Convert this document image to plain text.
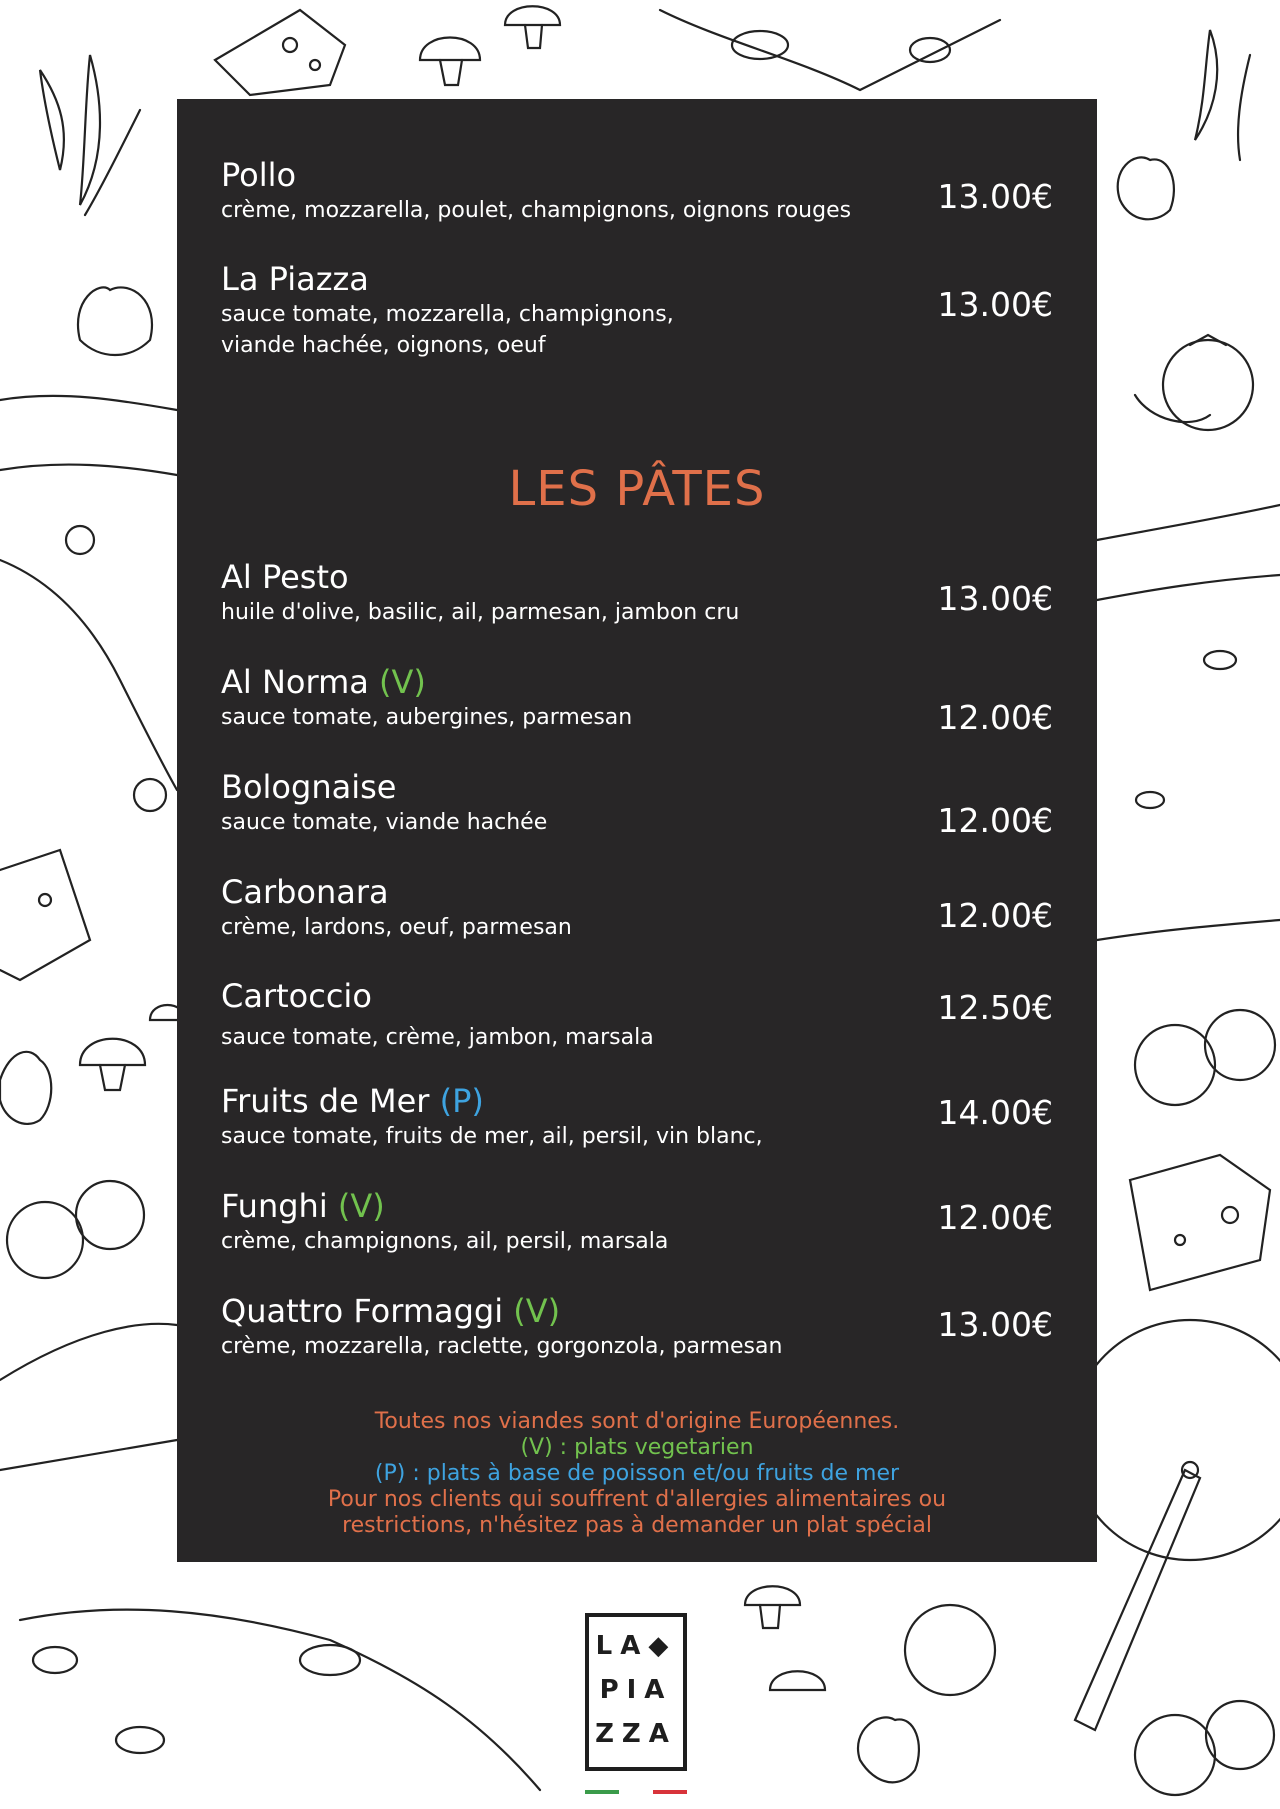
Pollo
crème, mozzarella, poulet, champignons, oignons rouges	13.00€
La Piazza
sauce tomate, mozzarella, champignons,
viande hachée, oignons, oeuf
13.00€
LES PÂTES
Al Pesto
huile d'olive, basilic, ail, parmesan, jambon cru	13.00€
Al Norma (V)
sauce tomate, aubergines, parmesan	12.00€
Bolognaise
sauce tomate, viande hachée	12.00€
Carbonara
crème, lardons, oeuf, parmesan	12.00€
Cartoccio
sauce tomate, crème, jambon, marsala
12.50€
Fruits de Mer (P)
sauce tomate, fruits de mer, ail, persil, vin blanc,
14.00€
Funghi (V)
crème, champignons, ail, persil, marsala
12.00€
Quattro Formaggi (V)
crème, mozzarella, raclette, gorgonzola, parmesan
13.00€
Toutes nos viandes sont d'origine Européennes.
(V) : plats vegetarien
(P) : plats à base de poisson et/ou fruits de mer
Pour nos clients qui souffrent d'allergies alimentaires ou
restrictions, n'hésitez pas à demander un plat spécial
LA◆
PIA
ZZA
